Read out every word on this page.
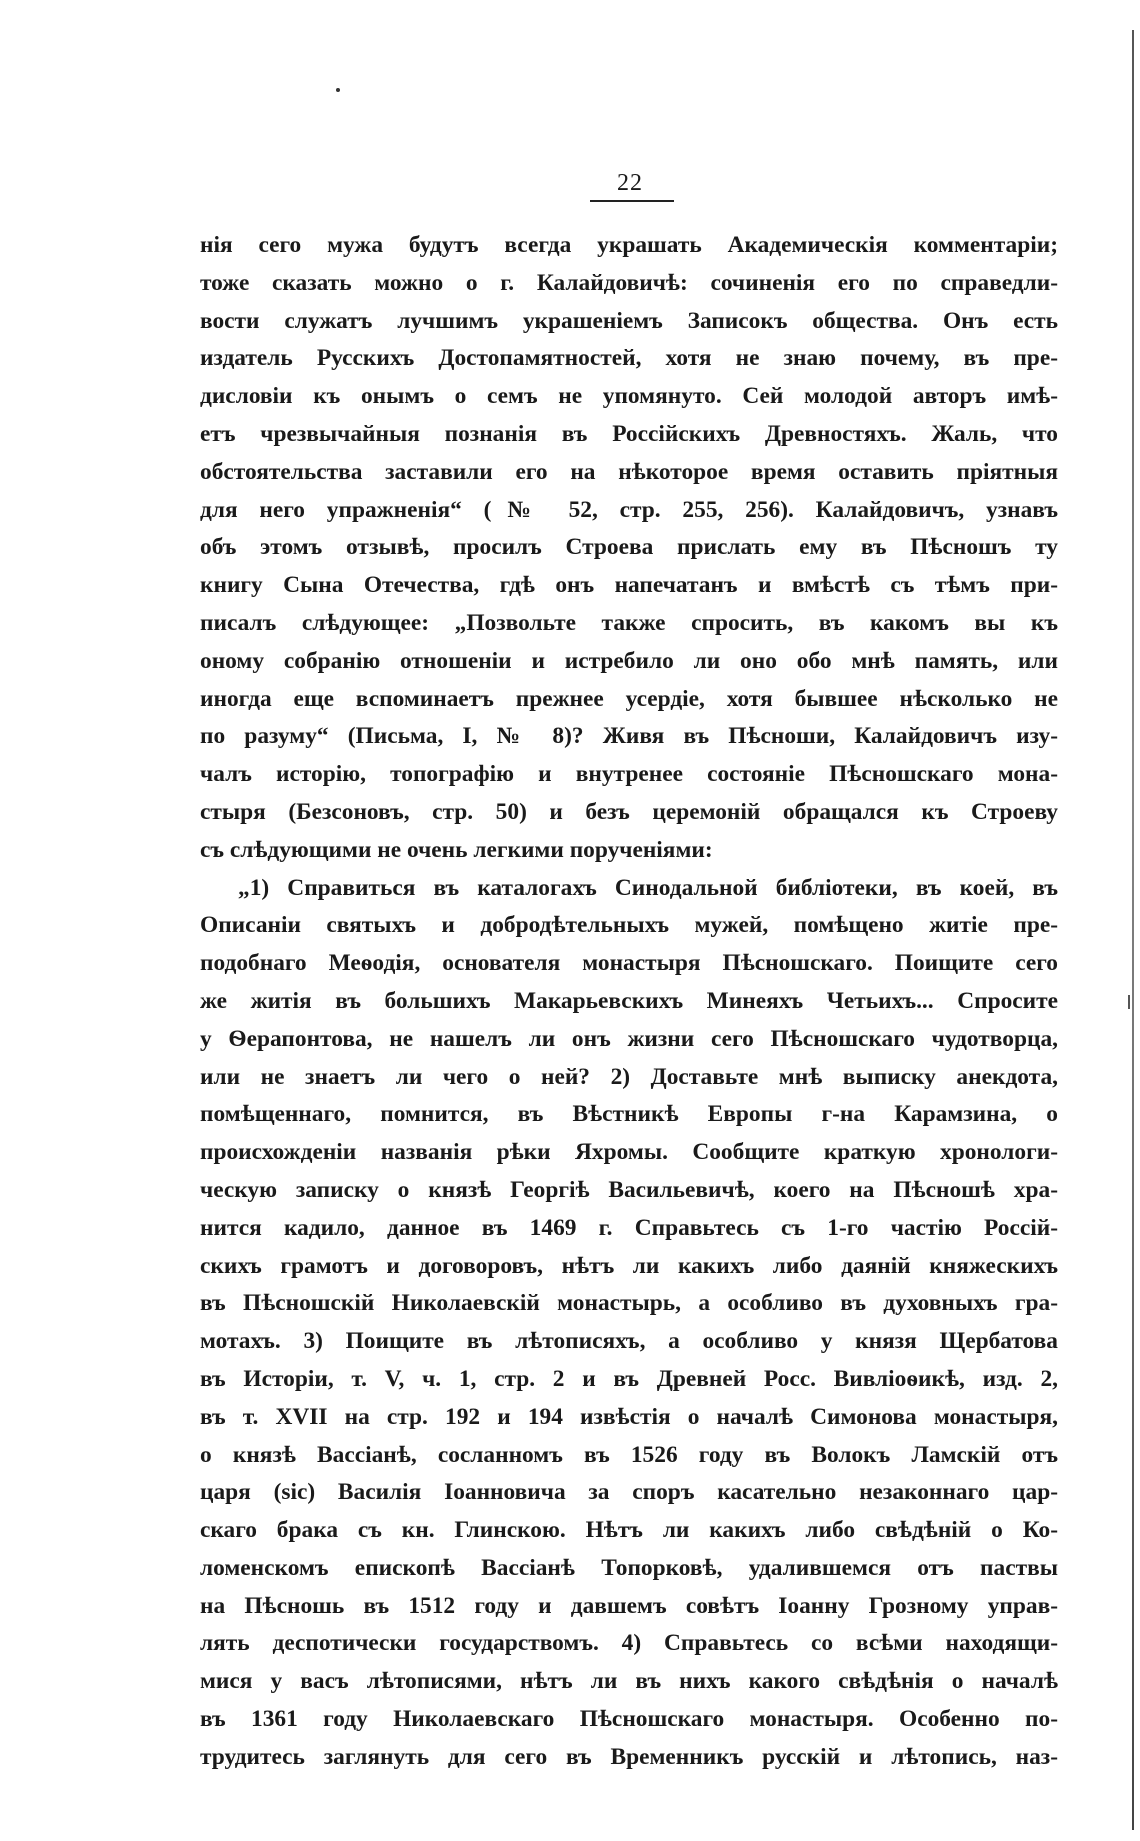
22
нія сего мужа будутъ всегда украшать Академическія комментаріи;
тоже сказать можно о г. Калайдовичѣ: сочиненія его по справедли-
вости служатъ лучшимъ украшеніемъ Записокъ общества. Онъ есть
издатель Русскихъ Достопамятностей, хотя не знаю почему, въ пре-
дисловіи къ онымъ о семъ не упомянуто. Сей молодой авторъ имѣ-
етъ чрезвычайныя познанія въ Россійскихъ Древностяхъ. Жаль, что
обстоятельства заставили его на нѣкоторое время оставить пріятныя
для него упражненія“ (№ 52, стр. 255, 256). Калайдовичъ, узнавъ
объ этомъ отзывѣ, просилъ Строева прислать ему въ Пѣсношъ ту
книгу Сына Отечества, гдѣ онъ напечатанъ и вмѣстѣ съ тѣмъ при-
писалъ слѣдующее: „Позвольте также спросить, въ какомъ вы къ
оному собранію отношеніи и истребило ли оно обо мнѣ память, или
иногда еще вспоминаетъ прежнее усердіе, хотя бывшее нѣсколько не
по разуму“ (Письма, I, № 8)? Живя въ Пѣсноши, Калайдовичъ изу-
чалъ исторію, топографію и внутренее состояніе Пѣсношскаго мона-
стыря (Безсоновъ, стр. 50) и безъ церемоній обращался къ Строеву
съ слѣдующими не очень легкими порученіями:
„1) Справиться въ каталогахъ Синодальной библіотеки, въ коей, въ
Описаніи святыхъ и добродѣтельныхъ мужей, помѣщено житіе пре-
подобнаго Меѳодія, основателя монастыря Пѣсношскаго. Поищите сего
же житія въ большихъ Макарьевскихъ Минеяхъ Четьихъ... Спросите
у Ѳерапонтова, не нашелъ ли онъ жизни сего Пѣсношскаго чудотворца,
или не знаетъ ли чего о ней? 2) Доставьте мнѣ выписку анекдота,
помѣщеннаго, помнится, въ Вѣстникѣ Европы г-на Карамзина, о
происхожденіи названія рѣки Яхромы. Сообщите краткую хронологи-
ческую записку о князѣ Георгіѣ Васильевичѣ, коего на Пѣсношѣ хра-
нится кадило, данное въ 1469 г. Справьтесь съ 1-го частію Россій-
скихъ грамотъ и договоровъ, нѣтъ ли какихъ либо даяній княжескихъ
въ Пѣсношскій Николаевскій монастырь, а особливо въ духовныхъ гра-
мотахъ. 3) Поищите въ лѣтописяхъ, а особливо у князя Щербатова
въ Исторіи, т. V, ч. 1, стр. 2 и въ Древней Росс. Вивліоѳикѣ, изд. 2,
въ т. XVII на стр. 192 и 194 извѣстія о началѣ Симонова монастыря,
о князѣ Вассіанѣ, сосланномъ въ 1526 году въ Волокъ Ламскій отъ
царя (sic) Василія Іоанновича за споръ касательно незаконнаго цар-
скаго брака съ кн. Глинскою. Нѣтъ ли какихъ либо свѣдѣній о Ко-
ломенскомъ епископѣ Вассіанѣ Топорковѣ, удалившемся отъ паствы
на Пѣсношь въ 1512 году и давшемъ совѣтъ Іоанну Грозному управ-
лять деспотически государствомъ. 4) Справьтесь со всѣми находящи-
мися у васъ лѣтописями, нѣтъ ли въ нихъ какого свѣдѣнія о началѣ
въ 1361 году Николаевскаго Пѣсношскаго монастыря. Особенно по-
трудитесь заглянуть для сего въ Временникъ русскій и лѣтопись, наз-
